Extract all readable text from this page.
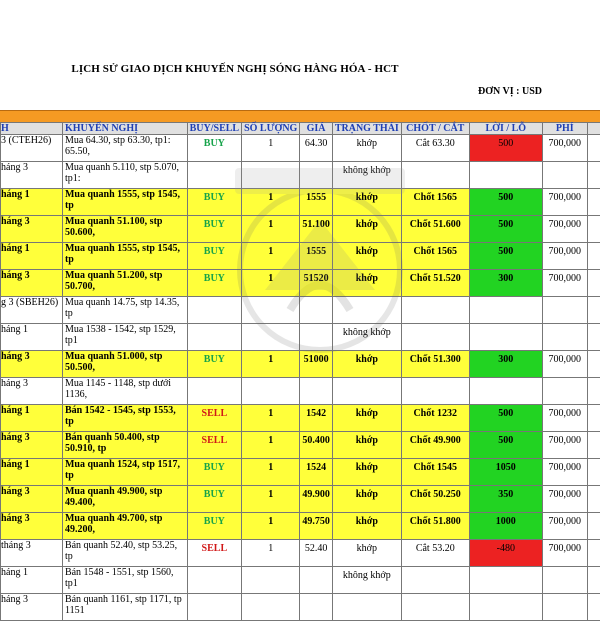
LỊCH SỬ GIAO DỊCH KHUYẾN NGHỊ SÓNG HÀNG HÓA - HCT
ĐƠN VỊ : USD
H	KHUYẾN NGHỊ	BUY/SELL	SỐ LƯỢNG	GIÁ	TRẠNG THÁI	CHỐT / CẮT	LỜI / LỖ	PHÍ	
3 (CTEH26)	Mua 64.30, stp 63.30, tp1: 65.50,	BUY	1	64.30	khớp	Cắt 63.30	500	700,000	
háng 3	Mua quanh 5.110, stp 5.070, tp1:				không khớp				
háng 1	Mua quanh 1555, stp 1545, tp	BUY	1	1555	khớp	Chốt 1565	500	700,000	
háng 3	Mua quanh 51.100, stp 50.600,	BUY	1	51.100	khớp	Chốt 51.600	500	700,000	
háng 1	Mua quanh 1555, stp 1545, tp	BUY	1	1555	khớp	Chốt 1565	500	700,000	
háng 3	Mua quanh 51.200, stp 50.700,	BUY	1	51520	khớp	Chốt 51.520	300	700,000	
g 3 (SBEH26)	Mua quanh 14.75, stp 14.35, tp								
háng 1	Mua 1538 - 1542, stp 1529, tp1				không khớp				
háng 3	Mua quanh 51.000, stp 50.500,	BUY	1	51000	khớp	Chốt 51.300	300	700,000	
háng 3	Mua 1145 - 1148, stp dưới 1136,								
háng 1	Bán 1542 - 1545, stp 1553, tp	SELL	1	1542	khớp	Chốt 1232	500	700,000	
háng 3	Bán quanh 50.400, stp 50.910, tp	SELL	1	50.400	khớp	Chốt 49.900	500	700,000	
háng 1	Mua quanh 1524, stp 1517, tp	BUY	1	1524	khớp	Chốt 1545	1050	700,000	
háng 3	Mua quanh 49.900, stp 49.400,	BUY	1	49.900	khớp	Chốt 50.250	350	700,000	
háng 3	Mua quanh 49.700, stp 49.200,	BUY	1	49.750	khớp	Chốt 51.800	1000	700,000	
tháng 3	Bán quanh 52.40, stp 53.25, tp	SELL	1	52.40	khớp	Cắt 53.20	-480	700,000	
háng 1	Bán 1548 - 1551, stp 1560, tp1				không khớp				
háng 3	Bán quanh 1161, stp 1171, tp 1151								
